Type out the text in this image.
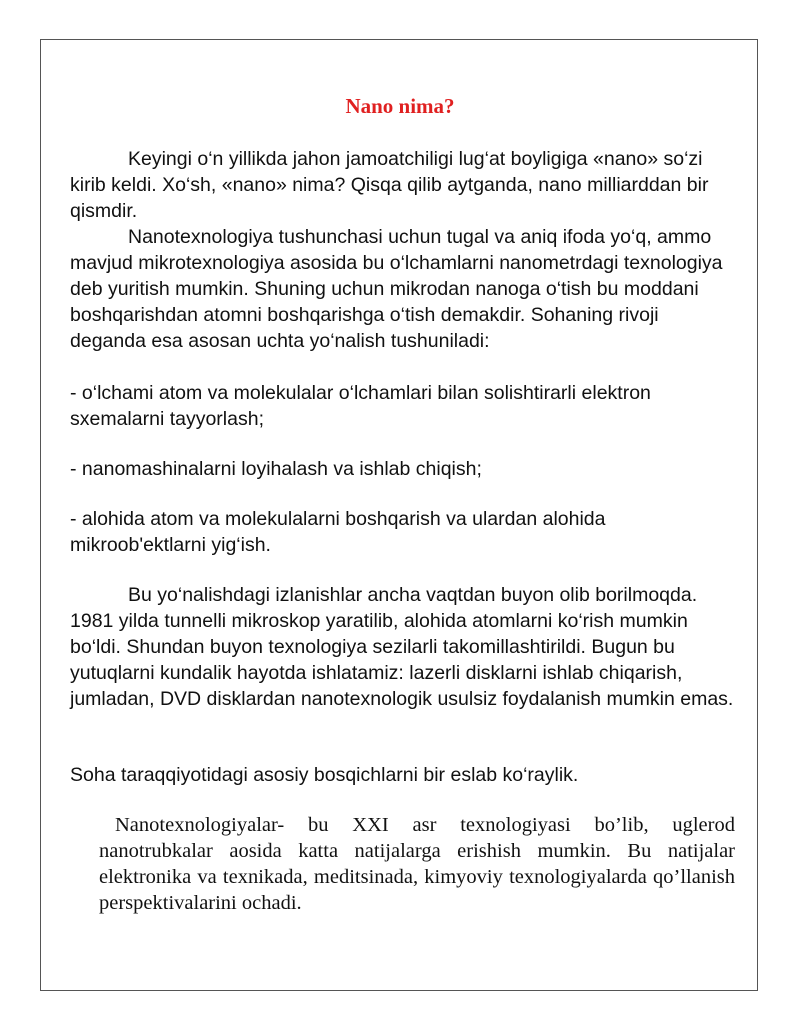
Nano nima?
Keyingi o‘n yillikda jahon jamoatchiligi lug‘at boyligiga «nano» so‘zi kirib keldi. Xo‘sh, «nano» nima? Qisqa qilib aytganda, nano milliarddan bir qismdir.
Nanotexnologiya tushunchasi uchun tugal va aniq ifoda yo‘q, ammo mavjud mikrotexnologiya asosida bu o‘lchamlarni nanometrdagi texnologiya deb yuritish mumkin. Shuning uchun mikrodan nanoga o‘tish bu moddani boshqarishdan atomni boshqarishga o‘tish demakdir. Sohaning rivoji deganda esa asosan uchta yo‘nalish tushuniladi:
- o‘lchami atom va molekulalar o‘lchamlari bilan solishtirarli elektron sxemalarni tayyorlash;
- nanomashinalarni loyihalash va ishlab chiqish;
- alohida atom va molekulalarni boshqarish va ulardan alohida mikroob'ektlarni yig‘ish.
Bu yo‘nalishdagi izlanishlar ancha vaqtdan buyon olib borilmoqda. 1981 yilda tunnelli mikroskop yaratilib, alohida atomlarni ko‘rish mumkin bo‘ldi. Shundan buyon texnologiya sezilarli takomillashtirildi. Bugun bu yutuqlarni kundalik hayotda ishlatamiz: lazerli disklarni ishlab chiqarish, jumladan, DVD disklardan nanotexnologik usulsiz foydalanish mumkin emas.
Soha taraqqiyotidagi asosiy bosqichlarni bir eslab ko‘raylik.
Nanotexnologiyalar- bu XXI asr texnologiyasi bo’lib, uglerod nanotrubkalar aosida katta natijalarga erishish mumkin. Bu natijalar elektronika va texnikada, meditsinada, kimyoviy texnologiyalarda qo’llanish perspektivalarini ochadi.
